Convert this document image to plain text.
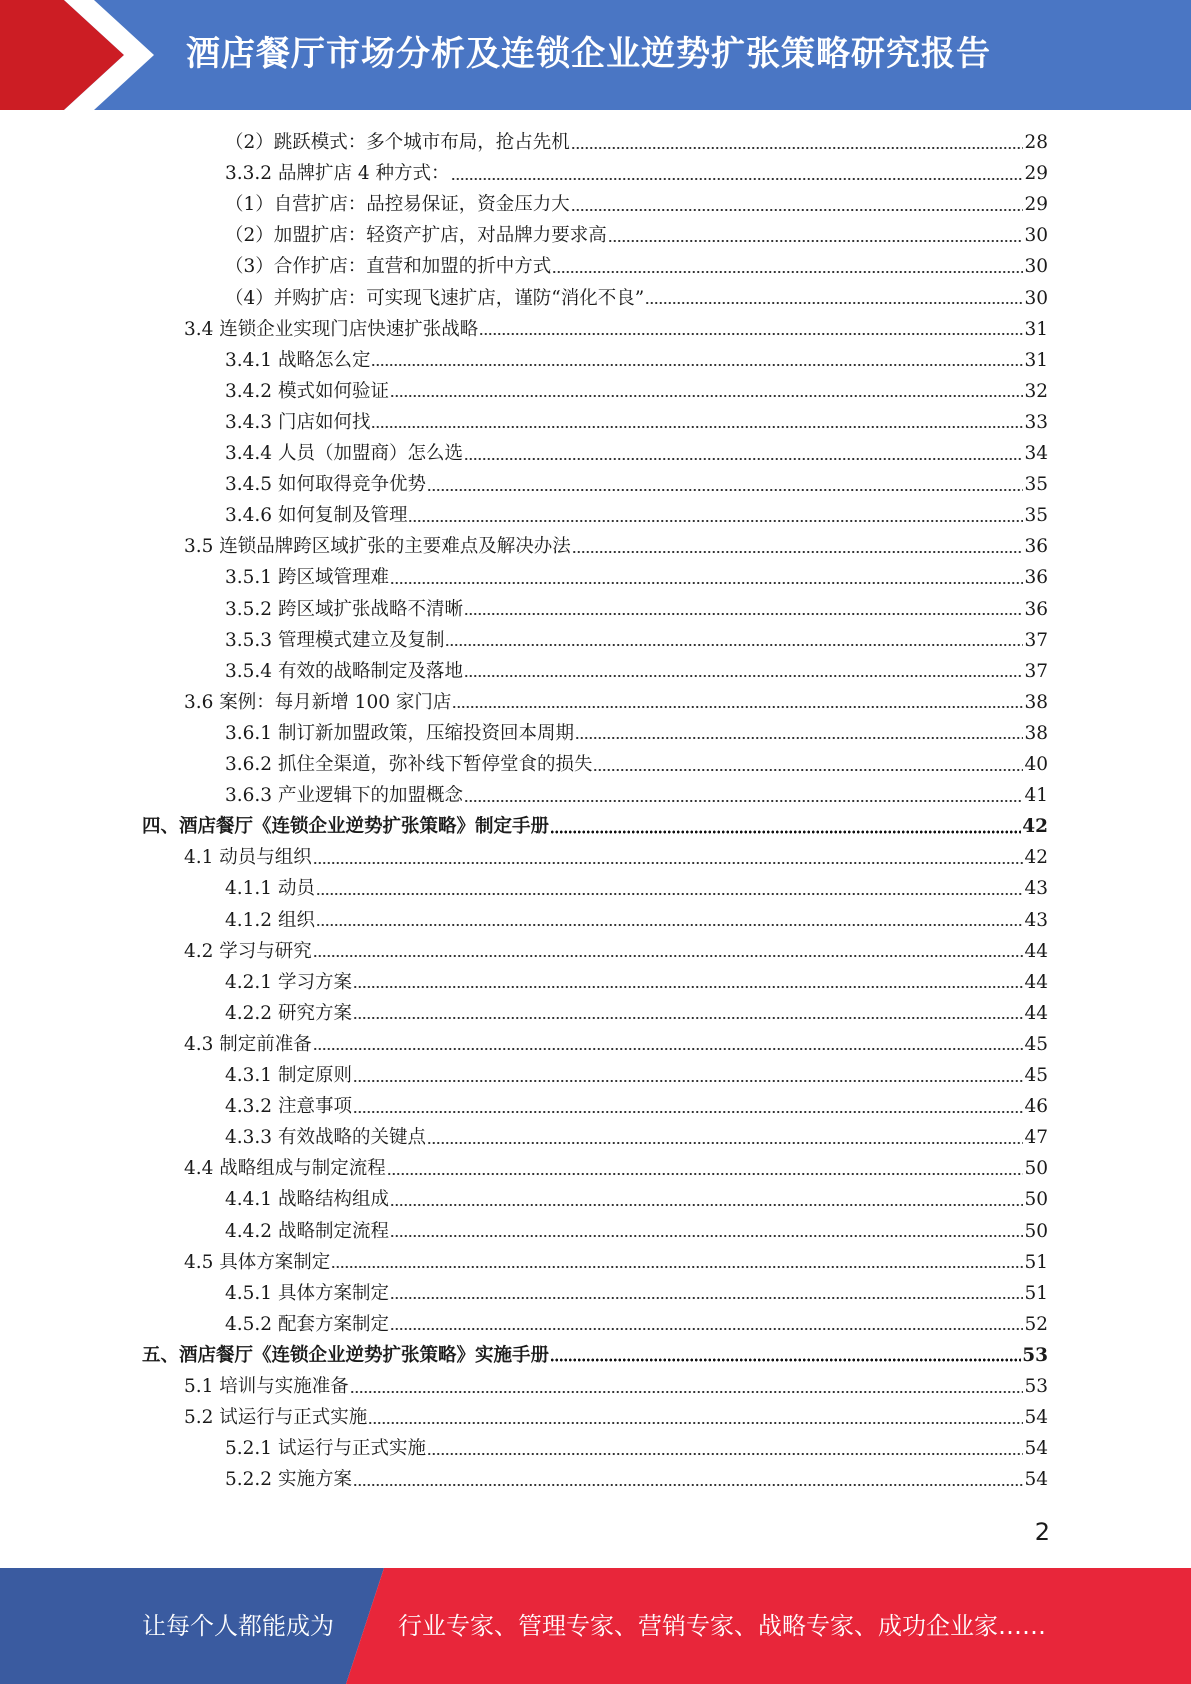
酒店餐厅市场分析及连锁企业逆势扩张策略研究报告
（2）跳跃模式：多个城市布局，抢占先机	28
3.3.2 品牌扩店 4 种方式：	29
（1）自营扩店：品控易保证，资金压力大	29
（2）加盟扩店：轻资产扩店，对品牌力要求高	30
（3）合作扩店：直营和加盟的折中方式	30
（4）并购扩店：可实现飞速扩店，谨防“消化不良”	30
3.4 连锁企业实现门店快速扩张战略	31
3.4.1 战略怎么定	31
3.4.2 模式如何验证	32
3.4.3 门店如何找	33
3.4.4 人员（加盟商）怎么选	34
3.4.5 如何取得竞争优势	35
3.4.6 如何复制及管理	35
3.5 连锁品牌跨区域扩张的主要难点及解决办法	36
3.5.1 跨区域管理难	36
3.5.2 跨区域扩张战略不清晰	36
3.5.3 管理模式建立及复制	37
3.5.4 有效的战略制定及落地	37
3.6 案例：每月新增 100 家门店	38
3.6.1 制订新加盟政策，压缩投资回本周期	38
3.6.2 抓住全渠道，弥补线下暂停堂食的损失	40
3.6.3 产业逻辑下的加盟概念	41
四、酒店餐厅《连锁企业逆势扩张策略》制定手册	42
4.1 动员与组织	42
4.1.1 动员	43
4.1.2 组织	43
4.2 学习与研究	44
4.2.1 学习方案	44
4.2.2 研究方案	44
4.3 制定前准备	45
4.3.1 制定原则	45
4.3.2 注意事项	46
4.3.3 有效战略的关键点	47
4.4 战略组成与制定流程	50
4.4.1 战略结构组成	50
4.4.2 战略制定流程	50
4.5 具体方案制定	51
4.5.1 具体方案制定	51
4.5.2 配套方案制定	52
五、酒店餐厅《连锁企业逆势扩张策略》实施手册	53
5.1 培训与实施准备	53
5.2 试运行与正式实施	54
5.2.1 试运行与正式实施	54
5.2.2 实施方案	54
2
让每个人都能成为	行业专家、管理专家、营销专家、战略专家、成功企业家……
